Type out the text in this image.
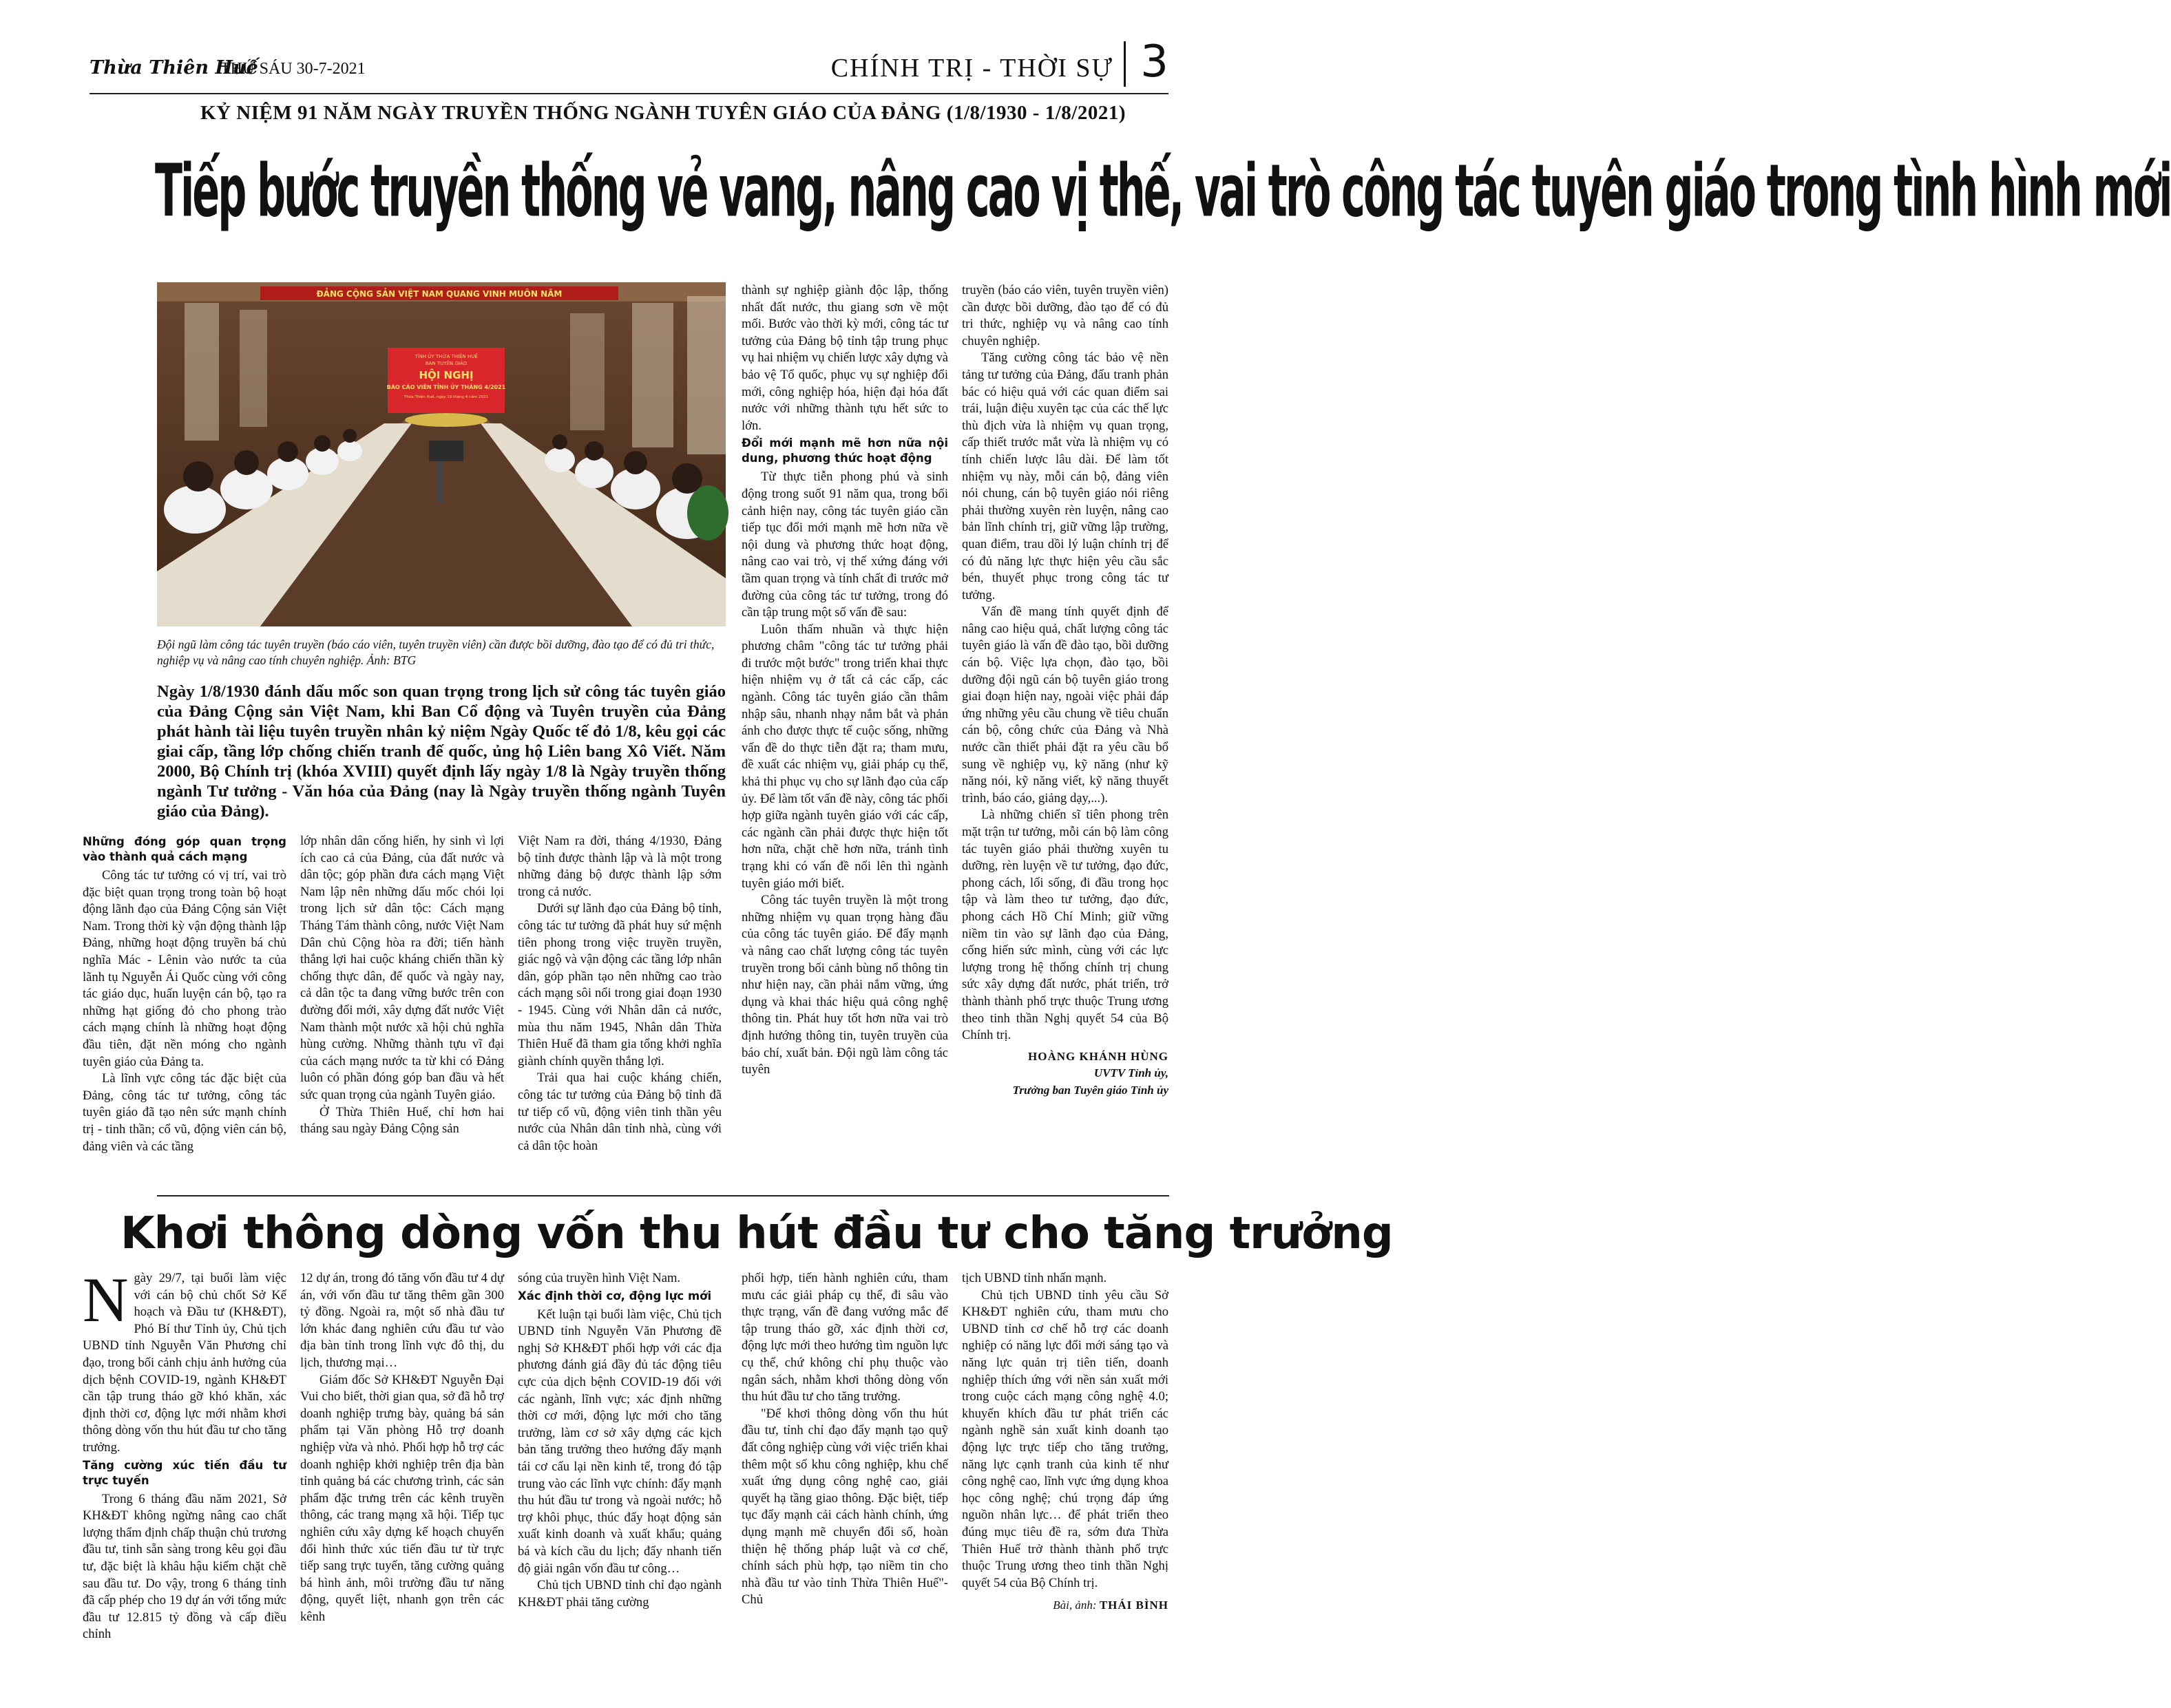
Thừa Thiên Huế
THỨ SÁU 30-7-2021	CHÍNH TRỊ - THỜI SỰ 3
KỶ NIỆM 91 NĂM NGÀY TRUYỀN THỐNG NGÀNH TUYÊN GIÁO CỦA ĐẢNG (1/8/1930 - 1/8/2021)
Tiếp bước truyền thống vẻ vang, nâng cao vị thế, vai trò công tác tuyên giáo trong tình hình mới
ĐẢNG CỘNG SẢN VIỆT NAM QUANG VINH MUÔN NĂM
TỈNH ỦY THỪA THIÊN HUẾ
BAN TUYÊN GIÁO
HỘI NGHỊ
BÁO CÁO VIÊN TỈNH ỦY THÁNG 4/2021
Thừa Thiên Huế, ngày 19 tháng 4 năm 2021
Đội ngũ làm công tác tuyên truyền (báo cáo viên, tuyên truyền viên) cần được bồi dưỡng, đào tạo để có đủ tri thức, nghiệp vụ và nâng cao tính chuyên nghiệp. Ảnh: BTG
Ngày 1/8/1930 đánh dấu mốc son quan trọng trong lịch sử công tác tuyên giáo của Đảng Cộng sản Việt Nam, khi Ban Cổ động và Tuyên truyền của Đảng phát hành tài liệu tuyên truyền nhân kỷ niệm Ngày Quốc tế đỏ 1/8, kêu gọi các giai cấp, tầng lớp chống chiến tranh đế quốc, ủng hộ Liên bang Xô Viết. Năm 2000, Bộ Chính trị (khóa XVIII) quyết định lấy ngày 1/8 là Ngày truyền thống ngành Tư tưởng - Văn hóa của Đảng (nay là Ngày truyền thống ngành Tuyên giáo của Đảng).
Những đóng góp quan trọng vào thành quả cách mạng

Công tác tư tưởng có vị trí, vai trò đặc biệt quan trọng trong toàn bộ hoạt động lãnh đạo của Đảng Cộng sản Việt Nam. Trong thời kỳ vận động thành lập Đảng, những hoạt động truyền bá chủ nghĩa Mác - Lênin vào nước ta của lãnh tụ Nguyễn Ái Quốc cùng với công tác giáo dục, huấn luyện cán bộ, tạo ra những hạt giống đỏ cho phong trào cách mạng chính là những hoạt động đầu tiên, đặt nền móng cho ngành tuyên giáo của Đảng ta.

Là lĩnh vực công tác đặc biệt của Đảng, công tác tư tưởng, công tác tuyên giáo đã tạo nên sức mạnh chính trị - tinh thần; cổ vũ, động viên cán bộ, đảng viên và các tầng

lớp nhân dân cống hiến, hy sinh vì lợi ích cao cả của Đảng, của đất nước và dân tộc; góp phần đưa cách mạng Việt Nam lập nên những dấu mốc chói lọi trong lịch sử dân tộc: Cách mạng Tháng Tám thành công, nước Việt Nam Dân chủ Cộng hòa ra đời; tiến hành thắng lợi hai cuộc kháng chiến thần kỳ chống thực dân, đế quốc và ngày nay, cả dân tộc ta đang vững bước trên con đường đổi mới, xây dựng đất nước Việt Nam thành một nước xã hội chủ nghĩa hùng cường. Những thành tựu vĩ đại của cách mạng nước ta từ khi có Đảng luôn có phần đóng góp ban đầu và hết sức quan trọng của ngành Tuyên giáo.

Ở Thừa Thiên Huế, chỉ hơn hai tháng sau ngày Đảng Cộng sản

Việt Nam ra đời, tháng 4/1930, Đảng bộ tỉnh được thành lập và là một trong những đảng bộ được thành lập sớm trong cả nước.

Dưới sự lãnh đạo của Đảng bộ tỉnh, công tác tư tưởng đã phát huy sứ mệnh tiên phong trong việc truyền truyền, giác ngộ và vận động các tầng lớp nhân dân, góp phần tạo nên những cao trào cách mạng sôi nổi trong giai đoạn 1930 - 1945. Cùng với Nhân dân cả nước, mùa thu năm 1945, Nhân dân Thừa Thiên Huế đã tham gia tổng khởi nghĩa giành chính quyền thắng lợi.

Trải qua hai cuộc kháng chiến, công tác tư tưởng của Đảng bộ tỉnh đã tư tiếp cổ vũ, động viên tinh thần yêu nước của Nhân dân tỉnh nhà, cùng với cả dân tộc hoàn

thành sự nghiệp giành độc lập, thống nhất đất nước, thu giang sơn về một mối. Bước vào thời kỳ mới, công tác tư tưởng của Đảng bộ tỉnh tập trung phục vụ hai nhiệm vụ chiến lược xây dựng và bảo vệ Tổ quốc, phục vụ sự nghiệp đổi mới, công nghiệp hóa, hiện đại hóa đất nước với những thành tựu hết sức to lớn.

Đổi mới mạnh mẽ hơn nữa nội dung, phương thức hoạt động

Từ thực tiễn phong phú và sinh động trong suốt 91 năm qua, trong bối cảnh hiện nay, công tác tuyên giáo cần tiếp tục đổi mới mạnh mẽ hơn nữa về nội dung và phương thức hoạt động, nâng cao vai trò, vị thế xứng đáng với tầm quan trọng và tính chất đi trước mở đường của công tác tư tưởng, trong đó cần tập trung một số vấn đề sau:

Luôn thấm nhuần và thực hiện phương châm "công tác tư tưởng phải đi trước một bước" trong triển khai thực hiện nhiệm vụ ở tất cả các cấp, các ngành. Công tác tuyên giáo cần thâm nhập sâu, nhanh nhạy nắm bắt và phản ánh cho được thực tế cuộc sống, những vấn đề do thực tiễn đặt ra; tham mưu, đề xuất các nhiệm vụ, giải pháp cụ thể, khả thi phục vụ cho sự lãnh đạo của cấp ủy. Để làm tốt vấn đề này, công tác phối hợp giữa ngành tuyên giáo với các cấp, các ngành cần phải được thực hiện tốt hơn nữa, chặt chẽ hơn nữa, tránh tình trạng khi có vấn đề nổi lên thì ngành tuyên giáo mới biết.

Công tác tuyên truyền là một trong những nhiệm vụ quan trọng hàng đầu của công tác tuyên giáo. Để đẩy mạnh và nâng cao chất lượng công tác tuyên truyền trong bối cảnh bùng nổ thông tin như hiện nay, cần phải nắm vững, ứng dụng và khai thác hiệu quả công nghệ thông tin. Phát huy tốt hơn nữa vai trò định hướng thông tin, tuyên truyền của báo chí, xuất bản. Đội ngũ làm công tác tuyên

truyền (báo cáo viên, tuyên truyền viên) cần được bồi dưỡng, đào tạo để có đủ tri thức, nghiệp vụ và nâng cao tính chuyên nghiệp.

Tăng cường công tác bảo vệ nền tảng tư tưởng của Đảng, đấu tranh phản bác có hiệu quả với các quan điểm sai trái, luận điệu xuyên tạc của các thế lực thù địch vừa là nhiệm vụ quan trọng, cấp thiết trước mắt vừa là nhiệm vụ có tính chiến lược lâu dài. Để làm tốt nhiệm vụ này, mỗi cán bộ, đảng viên nói chung, cán bộ tuyên giáo nói riêng phải thường xuyên rèn luyện, nâng cao bản lĩnh chính trị, giữ vững lập trường, quan điểm, trau dồi lý luận chính trị để có đủ năng lực thực hiện yêu cầu sắc bén, thuyết phục trong công tác tư tưởng.

Vấn đề mang tính quyết định để nâng cao hiệu quả, chất lượng công tác tuyên giáo là vấn đề đào tạo, bồi dưỡng cán bộ. Việc lựa chọn, đào tạo, bồi dưỡng đội ngũ cán bộ tuyên giáo trong giai đoạn hiện nay, ngoài việc phải đáp ứng những yêu cầu chung về tiêu chuẩn cán bộ, công chức của Đảng và Nhà nước cần thiết phải đặt ra yêu cầu bổ sung về nghiệp vụ, kỹ năng (như kỹ năng nói, kỹ năng viết, kỹ năng thuyết trình, báo cáo, giảng dạy,...).

Là những chiến sĩ tiên phong trên mặt trận tư tưởng, mỗi cán bộ làm công tác tuyên giáo phải thường xuyên tu dưỡng, rèn luyện về tư tưởng, đạo đức, phong cách, lối sống, đi đầu trong học tập và làm theo tư tưởng, đạo đức, phong cách Hồ Chí Minh; giữ vững niềm tin vào sự lãnh đạo của Đảng, cống hiến sức mình, cùng với các lực lượng trong hệ thống chính trị chung sức xây dựng đất nước, phát triển, trở thành thành phố trực thuộc Trung ương theo tinh thần Nghị quyết 54 của Bộ Chính trị.

HOÀNG KHÁNH HÙNG
UVTV Tỉnh ủy,
Trưởng ban Tuyên giáo Tỉnh ủy
Khơi thông dòng vốn thu hút đầu tư cho tăng trưởng

Ngày 29/7, tại buổi làm việc với cán bộ chủ chốt Sở Kế hoạch và Đầu tư (KH&ĐT), Phó Bí thư Tỉnh ủy, Chủ tịch UBND tỉnh Nguyễn Văn Phương chỉ đạo, trong bối cảnh chịu ảnh hưởng của dịch bệnh COVID-19, ngành KH&ĐT cần tập trung tháo gỡ khó khăn, xác định thời cơ, động lực mới nhằm khơi thông dòng vốn thu hút đầu tư cho tăng trưởng.

Tăng cường xúc tiến đầu tư trực tuyến

Trong 6 tháng đầu năm 2021, Sở KH&ĐT không ngừng nâng cao chất lượng thẩm định chấp thuận chủ trương đầu tư, tinh sẵn sàng trong kêu gọi đầu tư, đặc biệt là khâu hậu kiểm chặt chẽ sau đầu tư. Do vậy, trong 6 tháng tỉnh đã cấp phép cho 19 dự án với tổng mức đầu tư 12.815 tỷ đồng và cấp điều chỉnh

12 dự án, trong đó tăng vốn đầu tư 4 dự án, với vốn đầu tư tăng thêm gần 300 tỷ đồng. Ngoài ra, một số nhà đầu tư lớn khác đang nghiên cứu đầu tư vào địa bàn tỉnh trong lĩnh vực đô thị, du lịch, thương mại…

Giám đốc Sở KH&ĐT Nguyễn Đại Vui cho biết, thời gian qua, sở đã hỗ trợ doanh nghiệp trưng bày, quảng bá sản phẩm tại Văn phòng Hỗ trợ doanh nghiệp vừa và nhỏ. Phối hợp hỗ trợ các doanh nghiệp khởi nghiệp trên địa bàn tỉnh quảng bá các chương trình, các sản phẩm đặc trưng trên các kênh truyền thông, các trang mạng xã hội. Tiếp tục nghiên cứu xây dựng kế hoạch chuyển đổi hình thức xúc tiến đầu tư từ trực tiếp sang trực tuyến, tăng cường quảng bá hình ảnh, môi trường đầu tư năng động, quyết liệt, nhanh gọn trên các kênh

sóng của truyền hình Việt Nam.

Xác định thời cơ, động lực mới

Kết luận tại buổi làm việc, Chủ tịch UBND tỉnh Nguyễn Văn Phương đề nghị Sở KH&ĐT phối hợp với các địa phương đánh giá đầy đủ tác động tiêu cực của dịch bệnh COVID-19 đối với các ngành, lĩnh vực; xác định những thời cơ mới, động lực mới cho tăng trưởng, làm cơ sở xây dựng các kịch bản tăng trưởng theo hướng đẩy mạnh tái cơ cấu lại nền kinh tế, trong đó tập trung vào các lĩnh vực chính: đẩy mạnh thu hút đầu tư trong và ngoài nước; hỗ trợ khôi phục, thúc đẩy hoạt động sản xuất kinh doanh và xuất khẩu; quảng bá và kích cầu du lịch; đẩy nhanh tiến độ giải ngân vốn đầu tư công…

Chủ tịch UBND tỉnh chỉ đạo ngành KH&ĐT phải tăng cường

phối hợp, tiến hành nghiên cứu, tham mưu các giải pháp cụ thể, đi sâu vào thực trạng, vấn đề đang vướng mắc để tập trung tháo gỡ, xác định thời cơ, động lực mới theo hướng tìm nguồn lực cụ thể, chứ không chỉ phụ thuộc vào ngân sách, nhằm khơi thông dòng vốn thu hút đầu tư cho tăng trưởng.

"Để khơi thông dòng vốn thu hút đầu tư, tỉnh chỉ đạo đẩy mạnh tạo quỹ đất công nghiệp cùng với việc triển khai thêm một số khu công nghiệp, khu chế xuất ứng dụng công nghệ cao, giải quyết hạ tầng giao thông. Đặc biệt, tiếp tục đẩy mạnh cải cách hành chính, ứng dụng mạnh mẽ chuyển đổi số, hoàn thiện hệ thống pháp luật và cơ chế, chính sách phù hợp, tạo niềm tin cho nhà đầu tư vào tỉnh Thừa Thiên Huế"- Chủ

tịch UBND tỉnh nhấn mạnh.

Chủ tịch UBND tỉnh yêu cầu Sở KH&ĐT nghiên cứu, tham mưu cho UBND tỉnh cơ chế hỗ trợ các doanh nghiệp có năng lực đổi mới sáng tạo và năng lực quản trị tiên tiến, doanh nghiệp thích ứng với nền sản xuất mới trong cuộc cách mạng công nghệ 4.0; khuyến khích đầu tư phát triển các ngành nghề sản xuất kinh doanh tạo động lực trực tiếp cho tăng trưởng, năng lực cạnh tranh của kinh tế như công nghệ cao, lĩnh vực ứng dụng khoa học công nghệ; chú trọng đáp ứng nguồn nhân lực… để phát triển theo đúng mục tiêu đề ra, sớm đưa Thừa Thiên Huế trở thành thành phố trực thuộc Trung ương theo tinh thần Nghị quyết 54 của Bộ Chính trị.

Bài, ảnh: THÁI BÌNH
